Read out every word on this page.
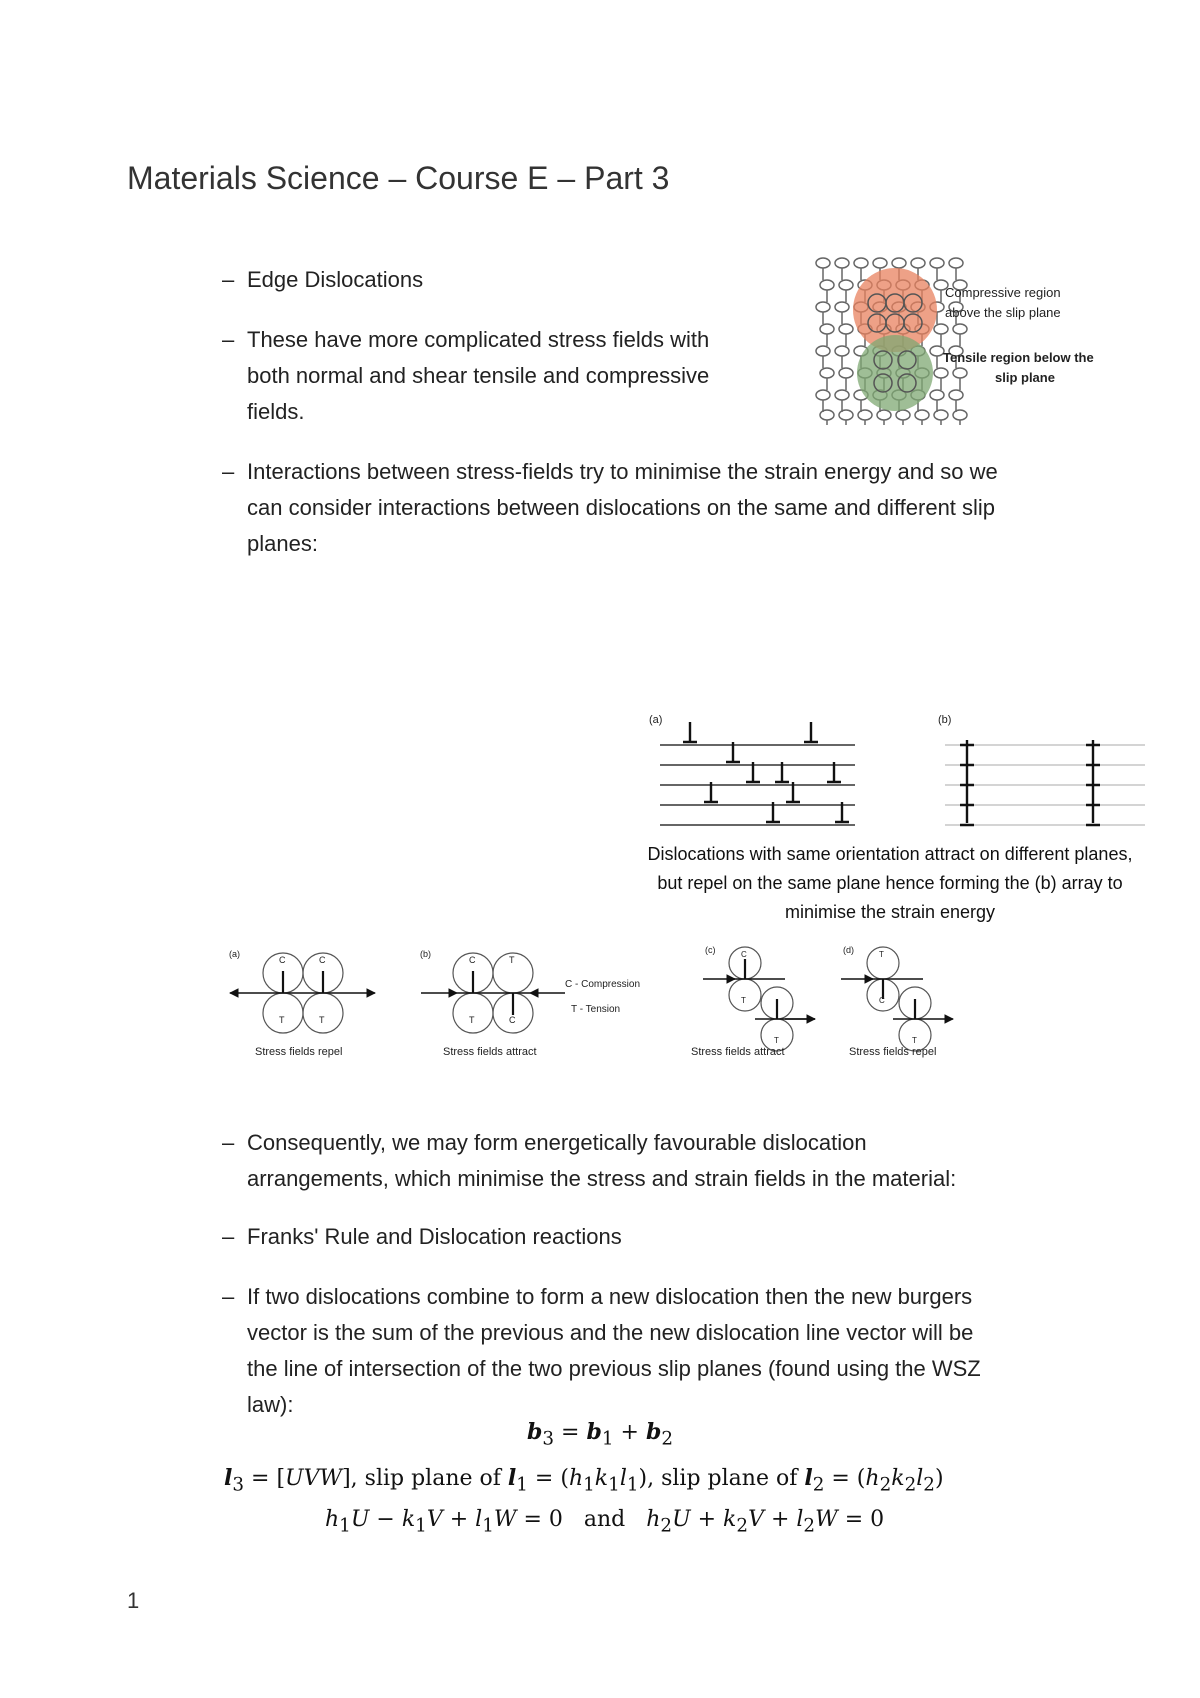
Materials Science – Course E – Part 3
– Edge Dislocations
– These have more complicated stress fields with
both normal and shear tensile and compressive
fields.
Compressive region
above the slip plane
Tensile region below the
slip plane
– Interactions between stress-fields try to minimise the strain energy and so we
can consider interactions between dislocations on the same and different slip
planes:
(a)	(b)
Dislocations with same orientation attract on different planes,
but repel on the same plane hence forming the (b) array to
minimise the strain energy
(a)
C	C
T	T
Stress fields repel
(b)
C	T
T	C
Stress fields attract
C - Compression
T - Tension
(c)	C
T
T
Stress fields attract
(d)	T
C
T
Stress fields repel
– Consequently, we may form energetically favourable dislocation
arrangements, which minimise the stress and strain fields in the material:
– Franks' Rule and Dislocation reactions
– If two dislocations combine to form a new dislocation then the new burgers
vector is the sum of the previous and the new dislocation line vector will be
the line of intersection of the two previous slip planes (found using the WSZ
law):
$b_3 = b_1 + b_2$
$l_3 = [UVW]$, slip plane of $l_1 = (h_1k_1l_1)$, slip plane of $l_2 = (h_2k_2l_2)$
$h_1U - k_1V + l_1W = 0$   and   $h_2U + k_2V + l_2W = 0$
1
